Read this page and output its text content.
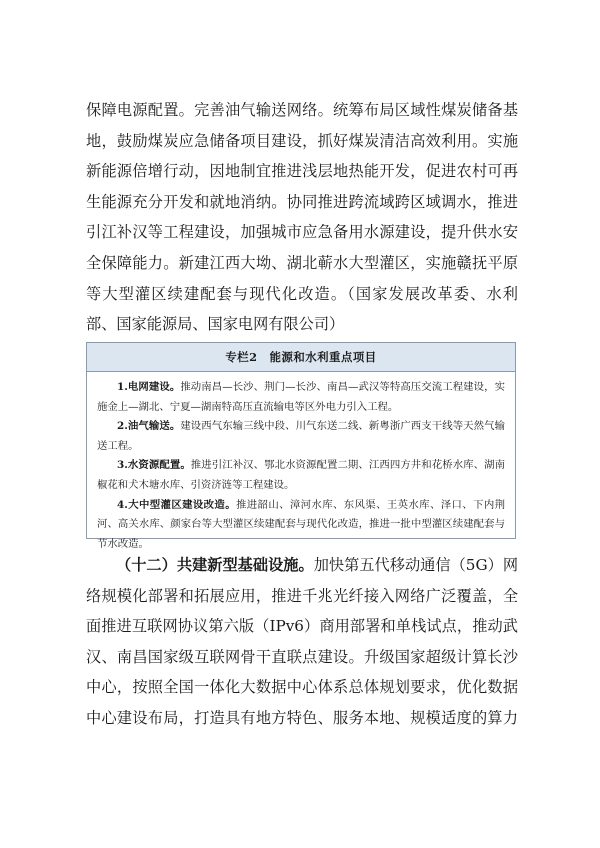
保障电源配置。完善油气输送网络。统筹布局区域性煤炭储备基
地，鼓励煤炭应急储备项目建设，抓好煤炭清洁高效利用。实施
新能源倍增行动，因地制宜推进浅层地热能开发，促进农村可再
生能源充分开发和就地消纳。协同推进跨流域跨区域调水，推进
引江补汉等工程建设，加强城市应急备用水源建设，提升供水安
全保障能力。新建江西大坳、湖北蕲水大型灌区，实施赣抚平原
等大型灌区续建配套与现代化改造。（国家发展改革委、水利
部、国家能源局、国家电网有限公司）
专栏2 能源和水利重点项目
1.电网建设。推动南昌—长沙、荆门—长沙、南昌—武汉等特高压交流工程建设，实
施金上—湖北、宁夏—湖南特高压直流输电等区外电力引入工程。
2.油气输送。建设西气东输三线中段、川气东送二线、新粤浙广西支干线等天然气输
送工程。
3.水资源配置。推进引江补汉、鄂北水资源配置二期、江西四方井和花桥水库、湖南
椒花和犬木塘水库、引资济涟等工程建设。
4.大中型灌区建设改造。推进韶山、漳河水库、东风渠、王英水库、泽口、下内荆
河、高关水库、颜家台等大型灌区续建配套与现代化改造，推进一批中型灌区续建配套与
节水改造。
（十二）共建新型基础设施。加快第五代移动通信（5G）网
络规模化部署和拓展应用，推进千兆光纤接入网络广泛覆盖，全
面推进互联网协议第六版（IPv6）商用部署和单栈试点，推动武
汉、南昌国家级互联网骨干直联点建设。升级国家超级计算长沙
中心，按照全国一体化大数据中心体系总体规划要求，优化数据
中心建设布局，打造具有地方特色、服务本地、规模适度的算力
